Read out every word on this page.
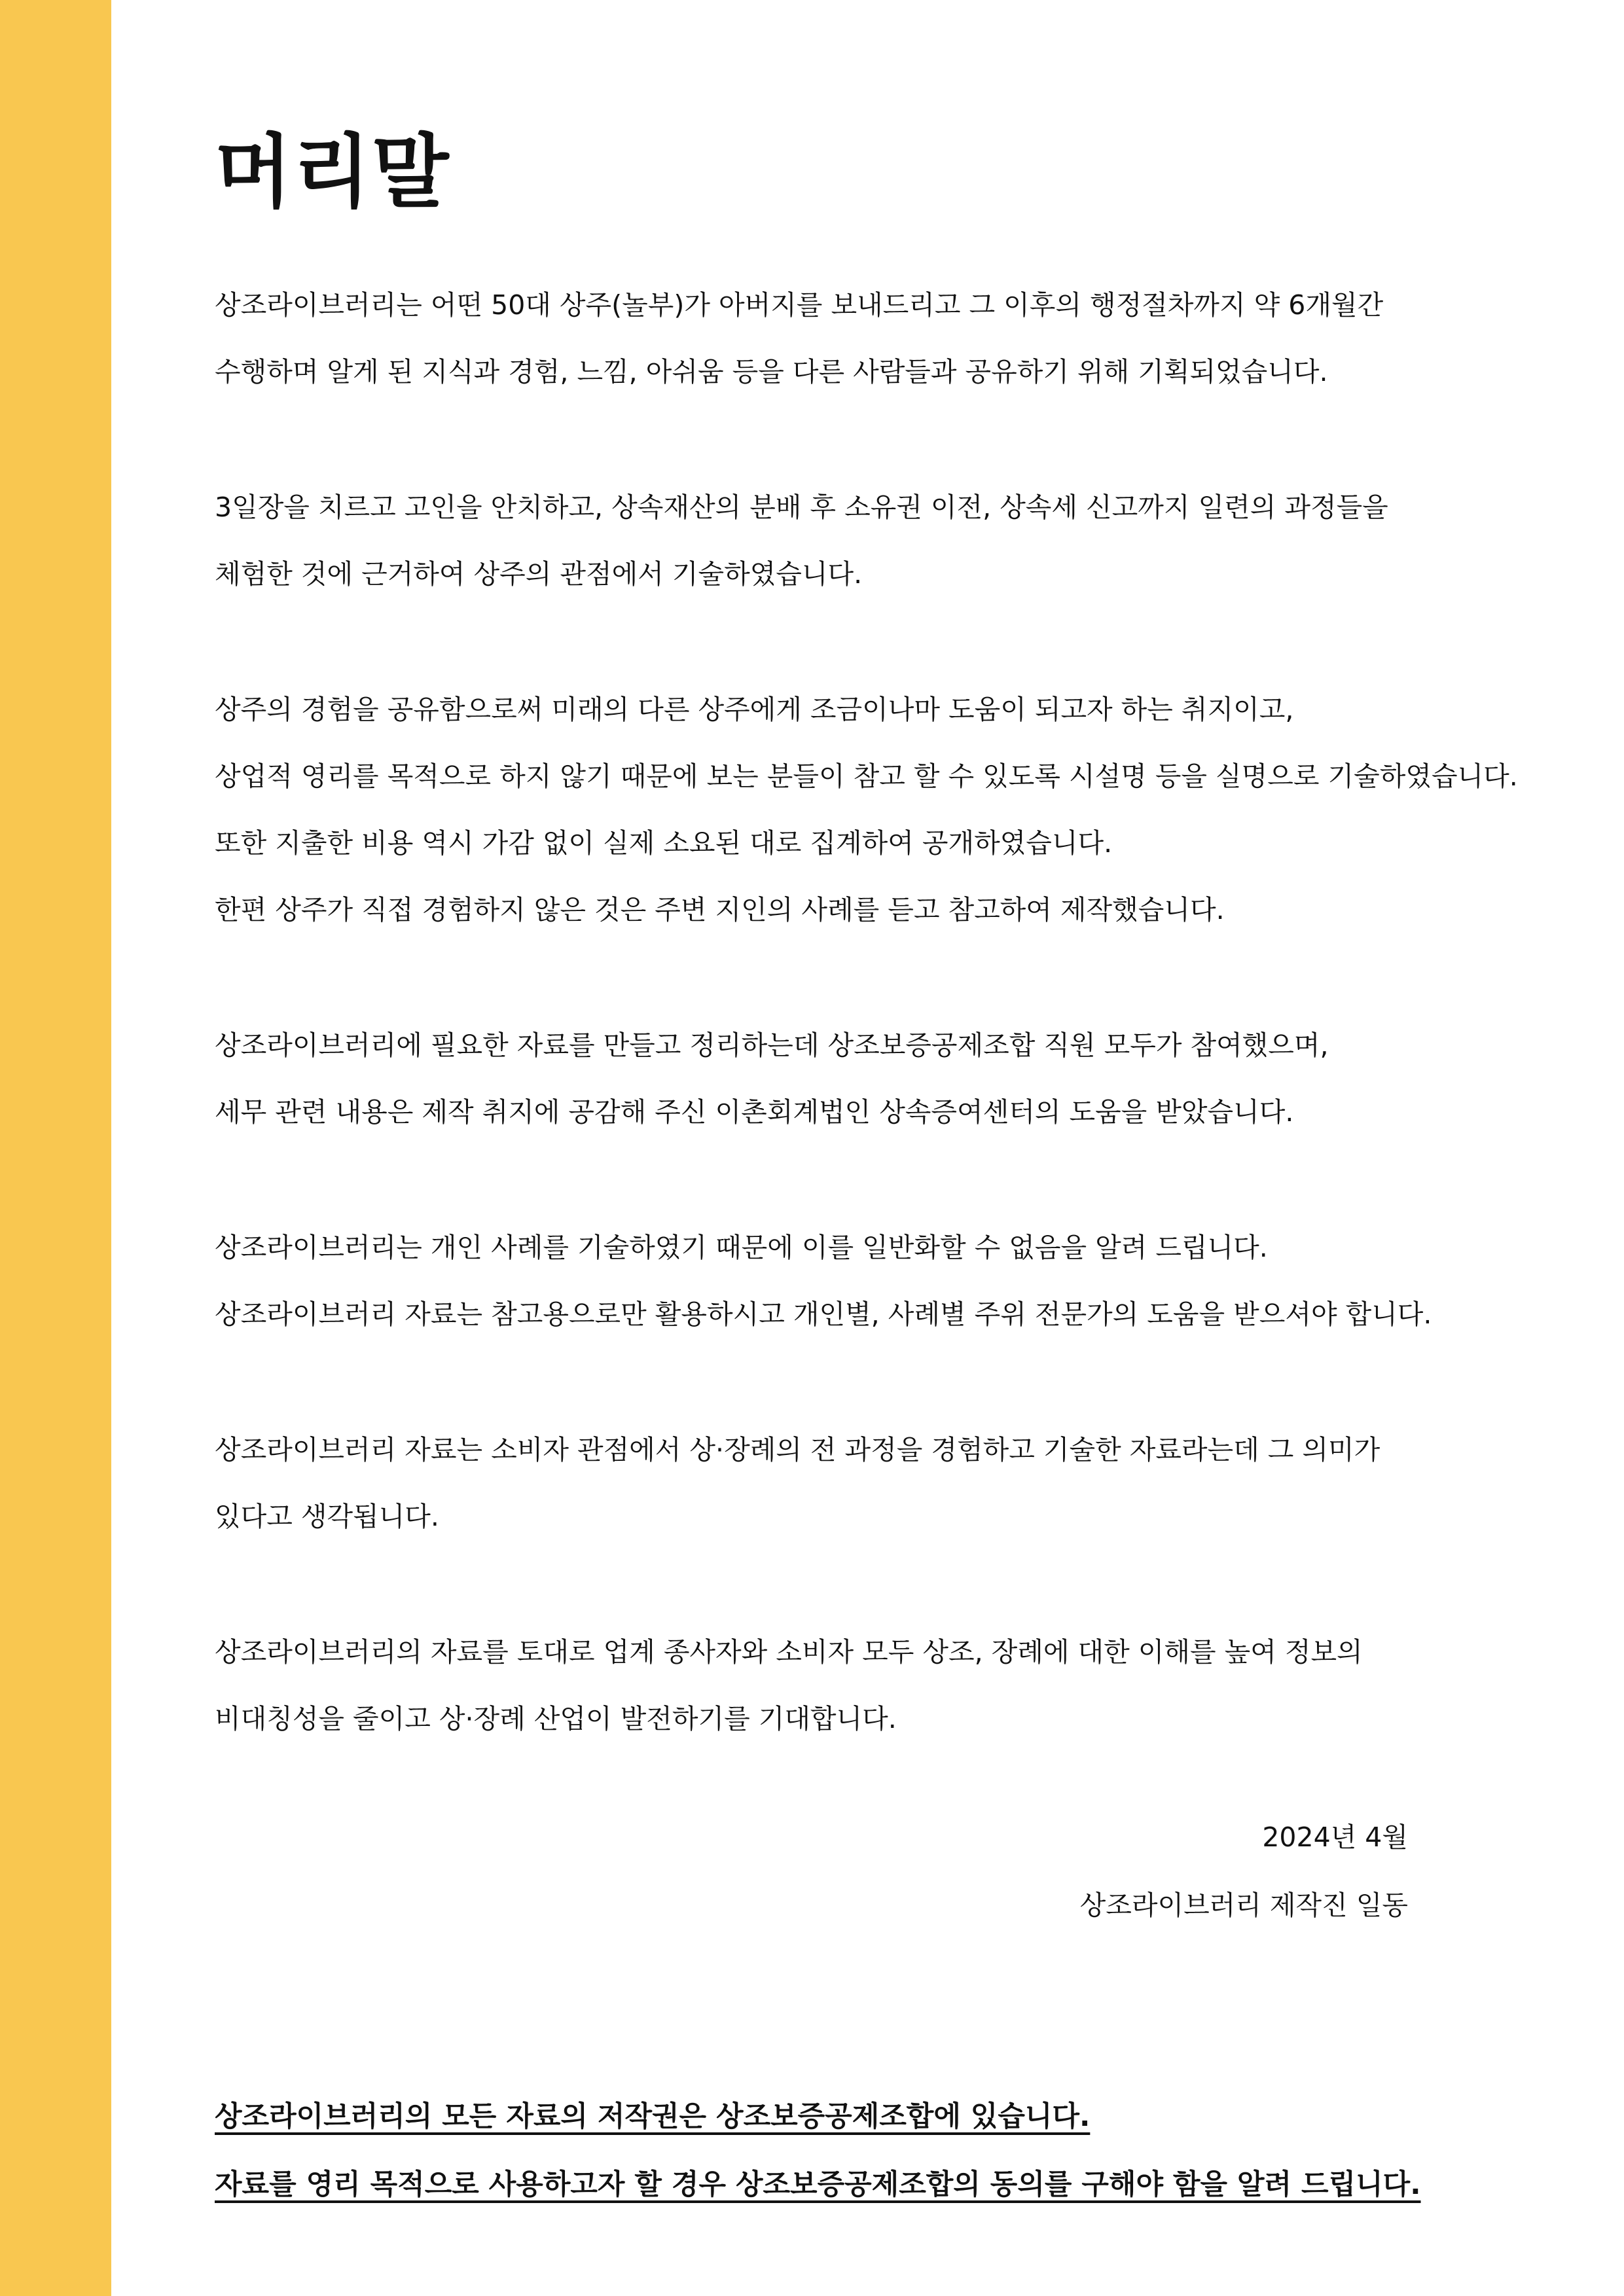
머리말
상조라이브러리는 어떤 50대 상주(놀부)가 아버지를 보내드리고 그 이후의 행정절차까지 약 6개월간
수행하며 알게 된 지식과 경험, 느낌, 아쉬움 등을 다른 사람들과 공유하기 위해 기획되었습니다.
3일장을 치르고 고인을 안치하고, 상속재산의 분배 후 소유권 이전, 상속세 신고까지 일련의 과정들을
체험한 것에 근거하여 상주의 관점에서 기술하였습니다.
상주의 경험을 공유함으로써 미래의 다른 상주에게 조금이나마 도움이 되고자 하는 취지이고,
상업적 영리를 목적으로 하지 않기 때문에 보는 분들이 참고 할 수 있도록 시설명 등을 실명으로 기술하였습니다.
또한 지출한 비용 역시 가감 없이 실제 소요된 대로 집계하여 공개하였습니다.
한편 상주가 직접 경험하지 않은 것은 주변 지인의 사례를 듣고 참고하여 제작했습니다.
상조라이브러리에 필요한 자료를 만들고 정리하는데 상조보증공제조합 직원 모두가 참여했으며,
세무 관련 내용은 제작 취지에 공감해 주신 이촌회계법인 상속증여센터의 도움을 받았습니다.
상조라이브러리는 개인 사례를 기술하였기 때문에 이를 일반화할 수 없음을 알려 드립니다.
상조라이브러리 자료는 참고용으로만 활용하시고 개인별, 사례별 주위 전문가의 도움을 받으셔야 합니다.
상조라이브러리 자료는 소비자 관점에서 상·장례의 전 과정을 경험하고 기술한 자료라는데 그 의미가
있다고 생각됩니다.
상조라이브러리의 자료를 토대로 업계 종사자와 소비자 모두 상조, 장례에 대한 이해를 높여 정보의
비대칭성을 줄이고 상·장례 산업이 발전하기를 기대합니다.
2024년 4월
상조라이브러리 제작진 일동
상조라이브러리의 모든 자료의 저작권은 상조보증공제조합에 있습니다.
자료를 영리 목적으로 사용하고자 할 경우 상조보증공제조합의 동의를 구해야 함을 알려 드립니다.
